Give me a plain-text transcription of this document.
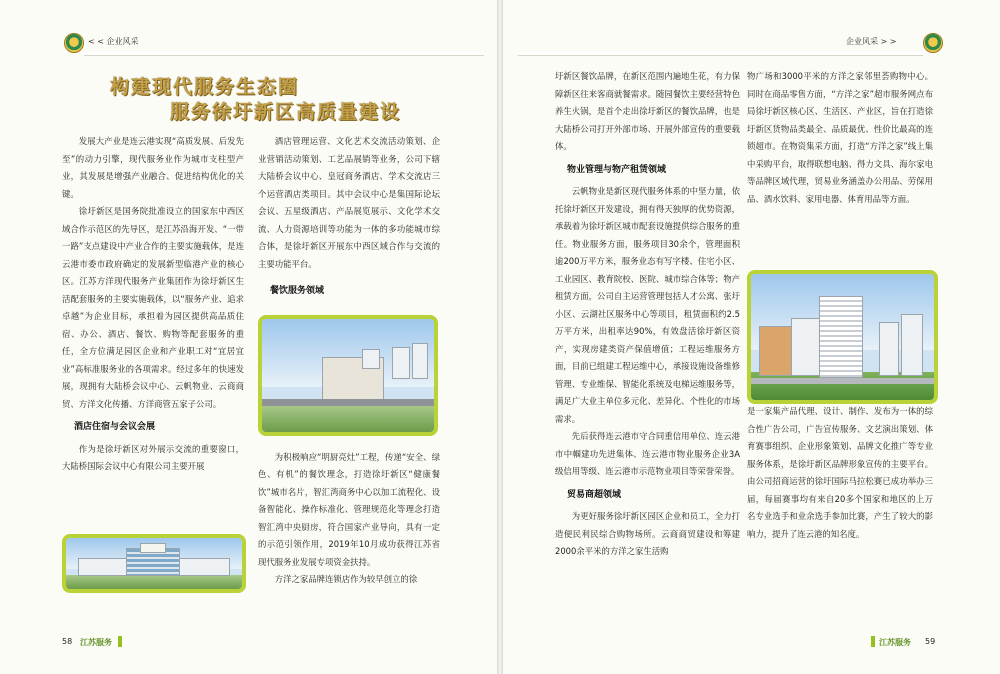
< < 企业风采
构建现代服务生态圈
服务徐圩新区高质量建设

发展大产业是连云港实现“高质发展、后发先至”的动力引擎，现代服务业作为城市支柱型产业，其发展是增强产业融合、促进结构优化的关键。

徐圩新区是国务院批准设立的国家东中西区域合作示范区的先导区，是江苏沿海开发、“一带一路”支点建设中产业合作的主要实施载体，是连云港市委市政府确定的发展新型临港产业的核心区。江苏方洋现代服务产业集团作为徐圩新区生活配套服务的主要实施载体，以“服务产业、追求卓越”为企业目标，承担着为园区提供高品质住宿、办公、酒店、餐饮、购物等配套服务的重任，全方位满足园区企业和产业职工对“宜居宜业”高标准服务业的各项需求。经过多年的快速发展，现拥有大陆桥会议中心、云帆物业、云商商贸、方洋文化传播、方洋商管五家子公司。

酒店住宿与会议会展

作为是徐圩新区对外展示交流的重要窗口，大陆桥国际会议中心有限公司主要开展

酒店管理运营、文化艺术交流活动策划、企业营销活动策划、工艺品展销等业务，公司下辖大陆桥会议中心、皇冠商务酒店、学术交流店三个运营酒店类项目。其中会议中心是集国际论坛会议、五星级酒店、产品展览展示、文化学术交流、人力资源培训等功能为一体的多功能城市综合体，是徐圩新区开展东中西区域合作与交流的主要功能平台。

餐饮服务领域

为积极响应“明厨亮灶”工程，传递“安全、绿色、有机”的餐饮理念，打造徐圩新区“健康餐饮”城市名片，智汇湾商务中心以加工流程化、设备智能化、操作标准化、管理规范化等理念打造智汇湾中央厨房，符合国家产业导向，具有一定的示范引领作用，2019年10月成功获得江苏省现代服务业发展专项资金扶持。

方洋之家品牌连锁店作为较早创立的徐

58 江苏服务
企业风采 > >

圩新区餐饮品牌，在新区范围内遍地生花，有力保障新区往来客商就餐需求。随园餐饮主要经营特色养生火锅，是首个走出徐圩新区的餐饮品牌，也是大陆桥公司打开外部市场、开展外部宣传的重要载体。

物业管理与物产租赁领域

云帆物业是新区现代服务体系的中坚力量，依托徐圩新区开发建设，拥有得天独厚的优势资源，承载着为徐圩新区城市配套设施提供综合服务的重任。物业服务方面，服务项目30余个，管理面积逾200万平方米，服务业态有写字楼、住宅小区、工业园区、教育院校、医院、城市综合体等；物产租赁方面，公司自主运营管理包括人才公寓、张圩小区、云湖社区服务中心等项目，租赁面积约2.5万平方米，出租率达90%，有效盘活徐圩新区资产，实现房建类资产保值增值；工程运维服务方面，目前已组建工程运维中心，承接设施设备维修管理、专业维保、智能化系统及电梯运维服务等，满足广大业主单位多元化、差异化、个性化的市场需求。

先后获得连云港市守合同重信用单位、连云港市中帼建功先进集体、连云港市物业服务企业3A级信用等级、连云港市示范物业项目等荣誉荣誉。

贸易商超领域

为更好服务徐圩新区园区企业和员工，全力打造便民利民综合购物场所。云商商贸建设和筹建2000余平米的方洋之家生活购

物广场和3000平米的方洋之家邻里荟购物中心。同时在商品零售方面，“方洋之家”超市服务网点布局徐圩新区核心区、生活区、产业区，旨在打造徐圩新区货物品类最全、品质最优、性价比最高的连锁超市。在物资集采方面，打造“方洋之家”线上集中采购平台，取得联想电脑、得力文具、海尔家电等品牌区域代理，贸易业务涵盖办公用品、劳保用品、酒水饮料、家用电器、体育用品等方面。

是一家集产品代理、设计、制作、发布为一体的综合性广告公司，广告宣传服务、文艺演出策划、体育赛事组织、企业形象策划、品牌文化推广等专业服务体系，是徐圩新区品牌形象宣传的主要平台。由公司招商运营的徐圩国际马拉松赛已成功举办三届，每届赛事均有来自20多个国家和地区的上万名专业选手和业余选手参加比赛，产生了较大的影响力，提升了连云港的知名度。

江苏服务 59
